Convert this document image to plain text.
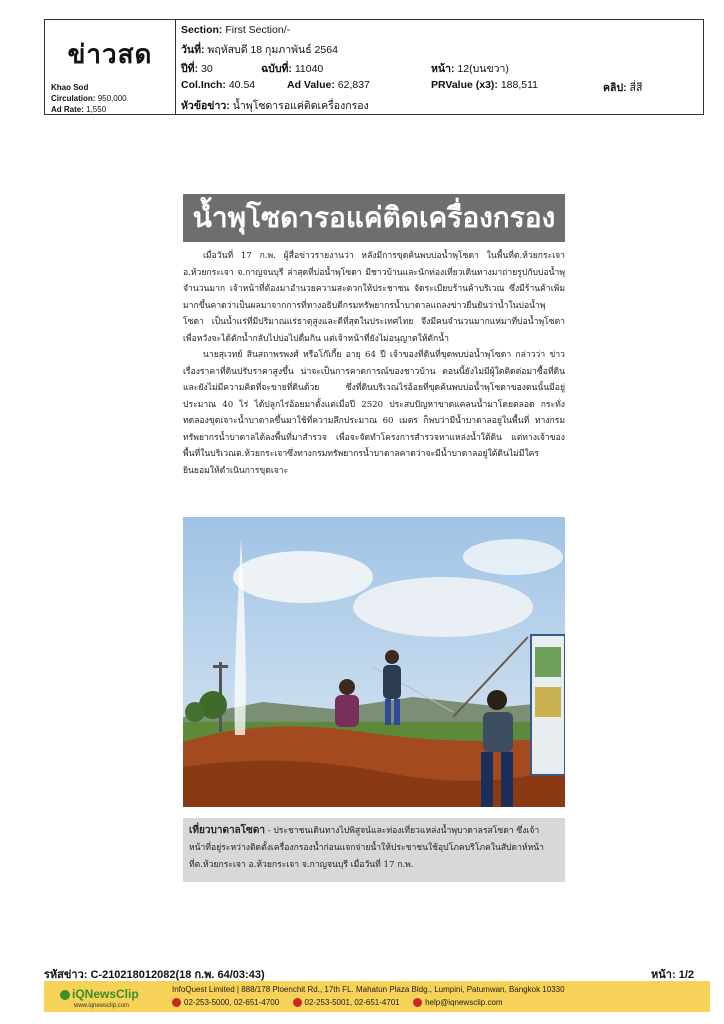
ข่าวสด
Khao Sod
Circulation: 950,000
Ad Rate: 1,550
Section: First Section/-
วันที่: พฤหัสบดี 18 กุมภาพันธ์ 2564
ปีที่: 30	ฉบับที่: 11040	หน้า: 12(บนขวา)
Col.Inch: 40.54	Ad Value: 62,837	PRValue (x3): 188,511	คลิป: สี่สี
หัวข้อข่าว: น้ำพุโซดารอแค่ติดเครื่องกรอง
น้ำพุโซดารอแค่ติดเครื่องกรอง

เมื่อวันที่ 17 ก.พ. ผู้สื่อข่าวรายงานว่า หลังมีการขุดค้นพบบ่อน้ำพุโซดา ในพื้นที่ต.ห้วยกระเจา อ.ห้วยกระเจา จ.กาญจนบุรี ล่าสุดที่บ่อน้ำพุโซดา มีชาวบ้านและนักท่องเที่ยวเดินทางมาถ่ายรูปกับบ่อน้ำพุจำนวนมาก เจ้าหน้าที่ต้องมาอำนวยความสะดวกให้ประชาชน จัดระเบียบร้านค้าบริเวณ ซึ่งมีร้านค้าเพิ่มมากขึ้นคาดว่าเป็นผลมาจากการที่ทางอธิบดีกรมทรัพยากรน้ำบาดาลแถลงข่าวยืนยันว่าน้ำในบ่อน้ำพุโซดา เป็นน้ำแร่ที่มีปริมาณแร่ธาตุสูงและดีที่สุดในประเทศไทย จึงมีคนจำนวนมากแห่มาที่บ่อน้ำพุโซดาเพื่อหวังจะได้ตักน้ำกลับไปบ่อไปดื่มกิน แต่เจ้าหน้าที่ยังไม่อนุญาตให้ตักน้ำ

นายสุเวทย์ สินสถาพรพงศ์ หรือโก๊เกี้ย อายุ 64 ปี เจ้าของที่ดินที่ขุดพบบ่อน้ำพุโซดา กล่าวว่า ข่าวเรื่องราคาที่ดินปรับราคาสูงขึ้น น่าจะเป็นการคาดการณ์ของชาวบ้าน ตอนนี้ยังไม่มีผู้ใดติดต่อมาซื้อที่ดิน และยังไม่มีความคิดที่จะขายที่ดินด้วย ซึ่งที่ดินบริเวณไร่อ้อยที่ขุดค้นพบบ่อน้ำพุโซดาของตนนั้นมีอยู่ประมาณ 40 ไร่ ได้ปลูกไร่อ้อยมาตั้งแต่เมื่อปี 2520 ประสบปัญหาขาดแคลนน้ำมาโดยตลอด กระทั่งทดลองขุดเจาะน้ำบาดาลขึ้นมาใช้ที่ความลึกประมาณ 60 เมตร ก็พบว่ามีน้ำบาดาลอยู่ในพื้นที่ ทางกรมทรัพยากรน้ำบาดาลได้ลงพื้นที่มาสำรวจ เพื่อจะจัดทำโครงการสำรวจหาแหล่งน้ำใต้ดิน แต่ทางเจ้าของพื้นที่ในบริเวณต.ห้วยกระเจาซึ่งทางกรมทรัพยากรน้ำบาดาลคาดว่าจะมีน้ำบาดาลอยู่ใต้ดินไม่มีใครยินยอมให้ดำเนินการขุดเจาะ

เที่ยวบาดาลโซดา - ประชาชนเดินทางไปพิสูจน์และท่องเที่ยวแหล่งน้ำพุบาดาลรสโซดา ซึ่งเจ้าหน้าที่อยู่ระหว่างติดตั้งเครื่องกรองน้ำก่อนแจกจ่ายน้ำให้ประชาชนใช้อุปโภคบริโภคในสัปดาห์หน้า ที่ต.ห้วยกระเจา อ.ห้วยกระเจา จ.กาญจนบุรี เมื่อวันที่ 17 ก.พ.
รหัสข่าว: C-210218012082(18 ก.พ. 64/03:43)	หน้า: 1/2
iQNewsClip
www.iqnewsclip.com
InfoQuest Limited | 888/178 Ploenchit Rd., 17th FL. Mahatun Plaza Bldg., Lumpini, Patumwan, Bangkok 10330
02-253-5000, 02-651-4700	02-253-5001, 02-651-4701	help@iqnewsclip.com
